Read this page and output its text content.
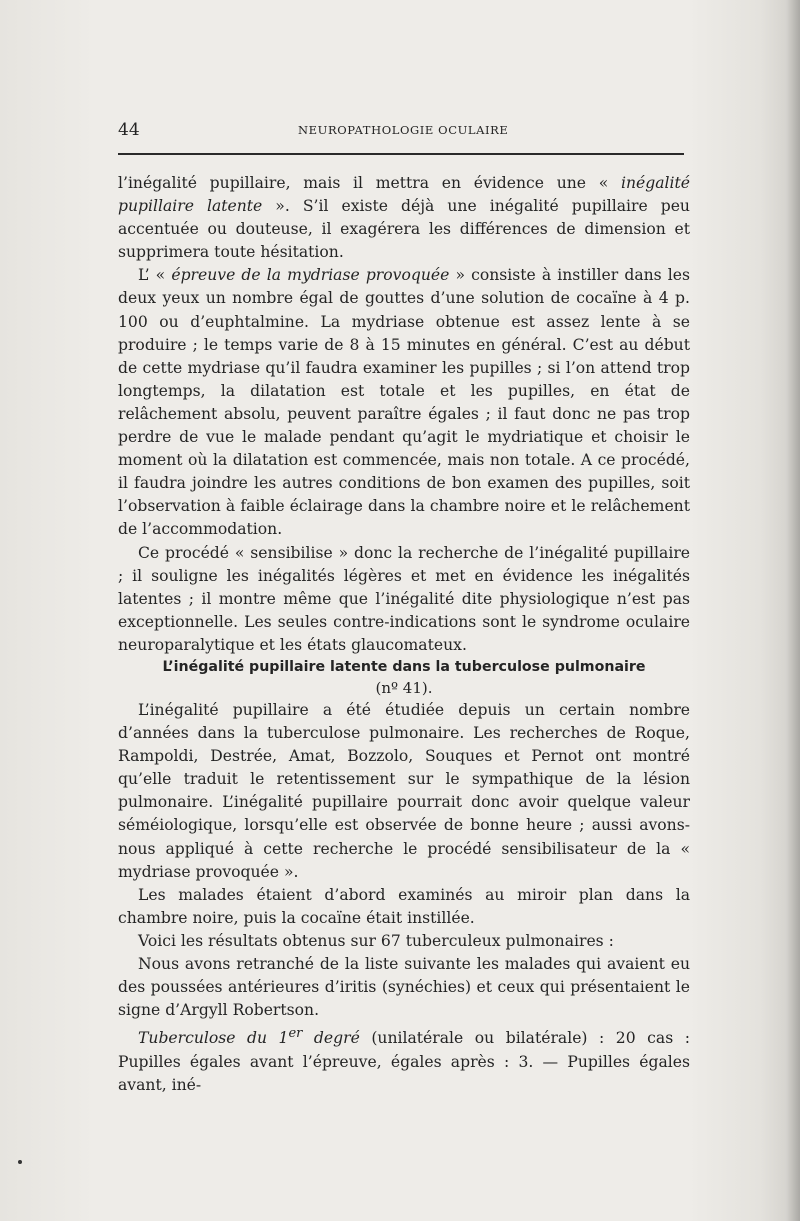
44	NEUROPATHOLOGIE OCULAIRE

l’inégalité pupillaire, mais il mettra en évidence une « inégalité pupillaire latente ». S’il existe déjà une inégalité pupillaire peu accentuée ou douteuse, il exagérera les différences de dimension et supprimera toute hésitation.

L’ « épreuve de la mydriase provoquée » consiste à instiller dans les deux yeux un nombre égal de gouttes d’une solution de cocaïne à 4 p. 100 ou d’euphtalmine. La mydriase obtenue est assez lente à se produire ; le temps varie de 8 à 15 minutes en général. C’est au début de cette mydriase qu’il faudra examiner les pupilles ; si l’on attend trop longtemps, la dilatation est totale et les pupilles, en état de relâchement absolu, peuvent paraître égales ; il faut donc ne pas trop perdre de vue le malade pendant qu’agit le mydriatique et choisir le moment où la dilatation est commencée, mais non totale. A ce procédé, il faudra joindre les autres conditions de bon examen des pupilles, soit l’observation à faible éclairage dans la chambre noire et le relâchement de l’accommodation.

Ce procédé « sensibilise » donc la recherche de l’inégalité pupillaire ; il souligne les inégalités légères et met en évidence les inégalités latentes ; il montre même que l’inégalité dite physiologique n’est pas exceptionnelle. Les seules contre-indications sont le syndrome oculaire neuroparalytique et les états glaucomateux.

L’inégalité pupillaire latente dans la tuberculose pulmonaire

(nº 41).

L’inégalité pupillaire a été étudiée depuis un certain nombre d’années dans la tuberculose pulmonaire. Les recherches de Roque, Rampoldi, Destrée, Amat, Bozzolo, Souques et Pernot ont montré qu’elle traduit le retentissement sur le sympathique de la lésion pulmonaire. L’inégalité pupillaire pourrait donc avoir quelque valeur séméiologique, lorsqu’elle est observée de bonne heure ; aussi avons-nous appliqué à cette recherche le procédé sensibilisateur de la « mydriase provoquée ».

Les malades étaient d’abord examinés au miroir plan dans la chambre noire, puis la cocaïne était instillée.

Voici les résultats obtenus sur 67 tuberculeux pulmonaires :

Nous avons retranché de la liste suivante les malades qui avaient eu des poussées antérieures d’iritis (synéchies) et ceux qui présentaient le signe d’Argyll Robertson.

Tuberculose du 1er degré (unilatérale ou bilatérale) : 20 cas : Pupilles égales avant l’épreuve, égales après : 3. — Pupilles égales avant, iné-
